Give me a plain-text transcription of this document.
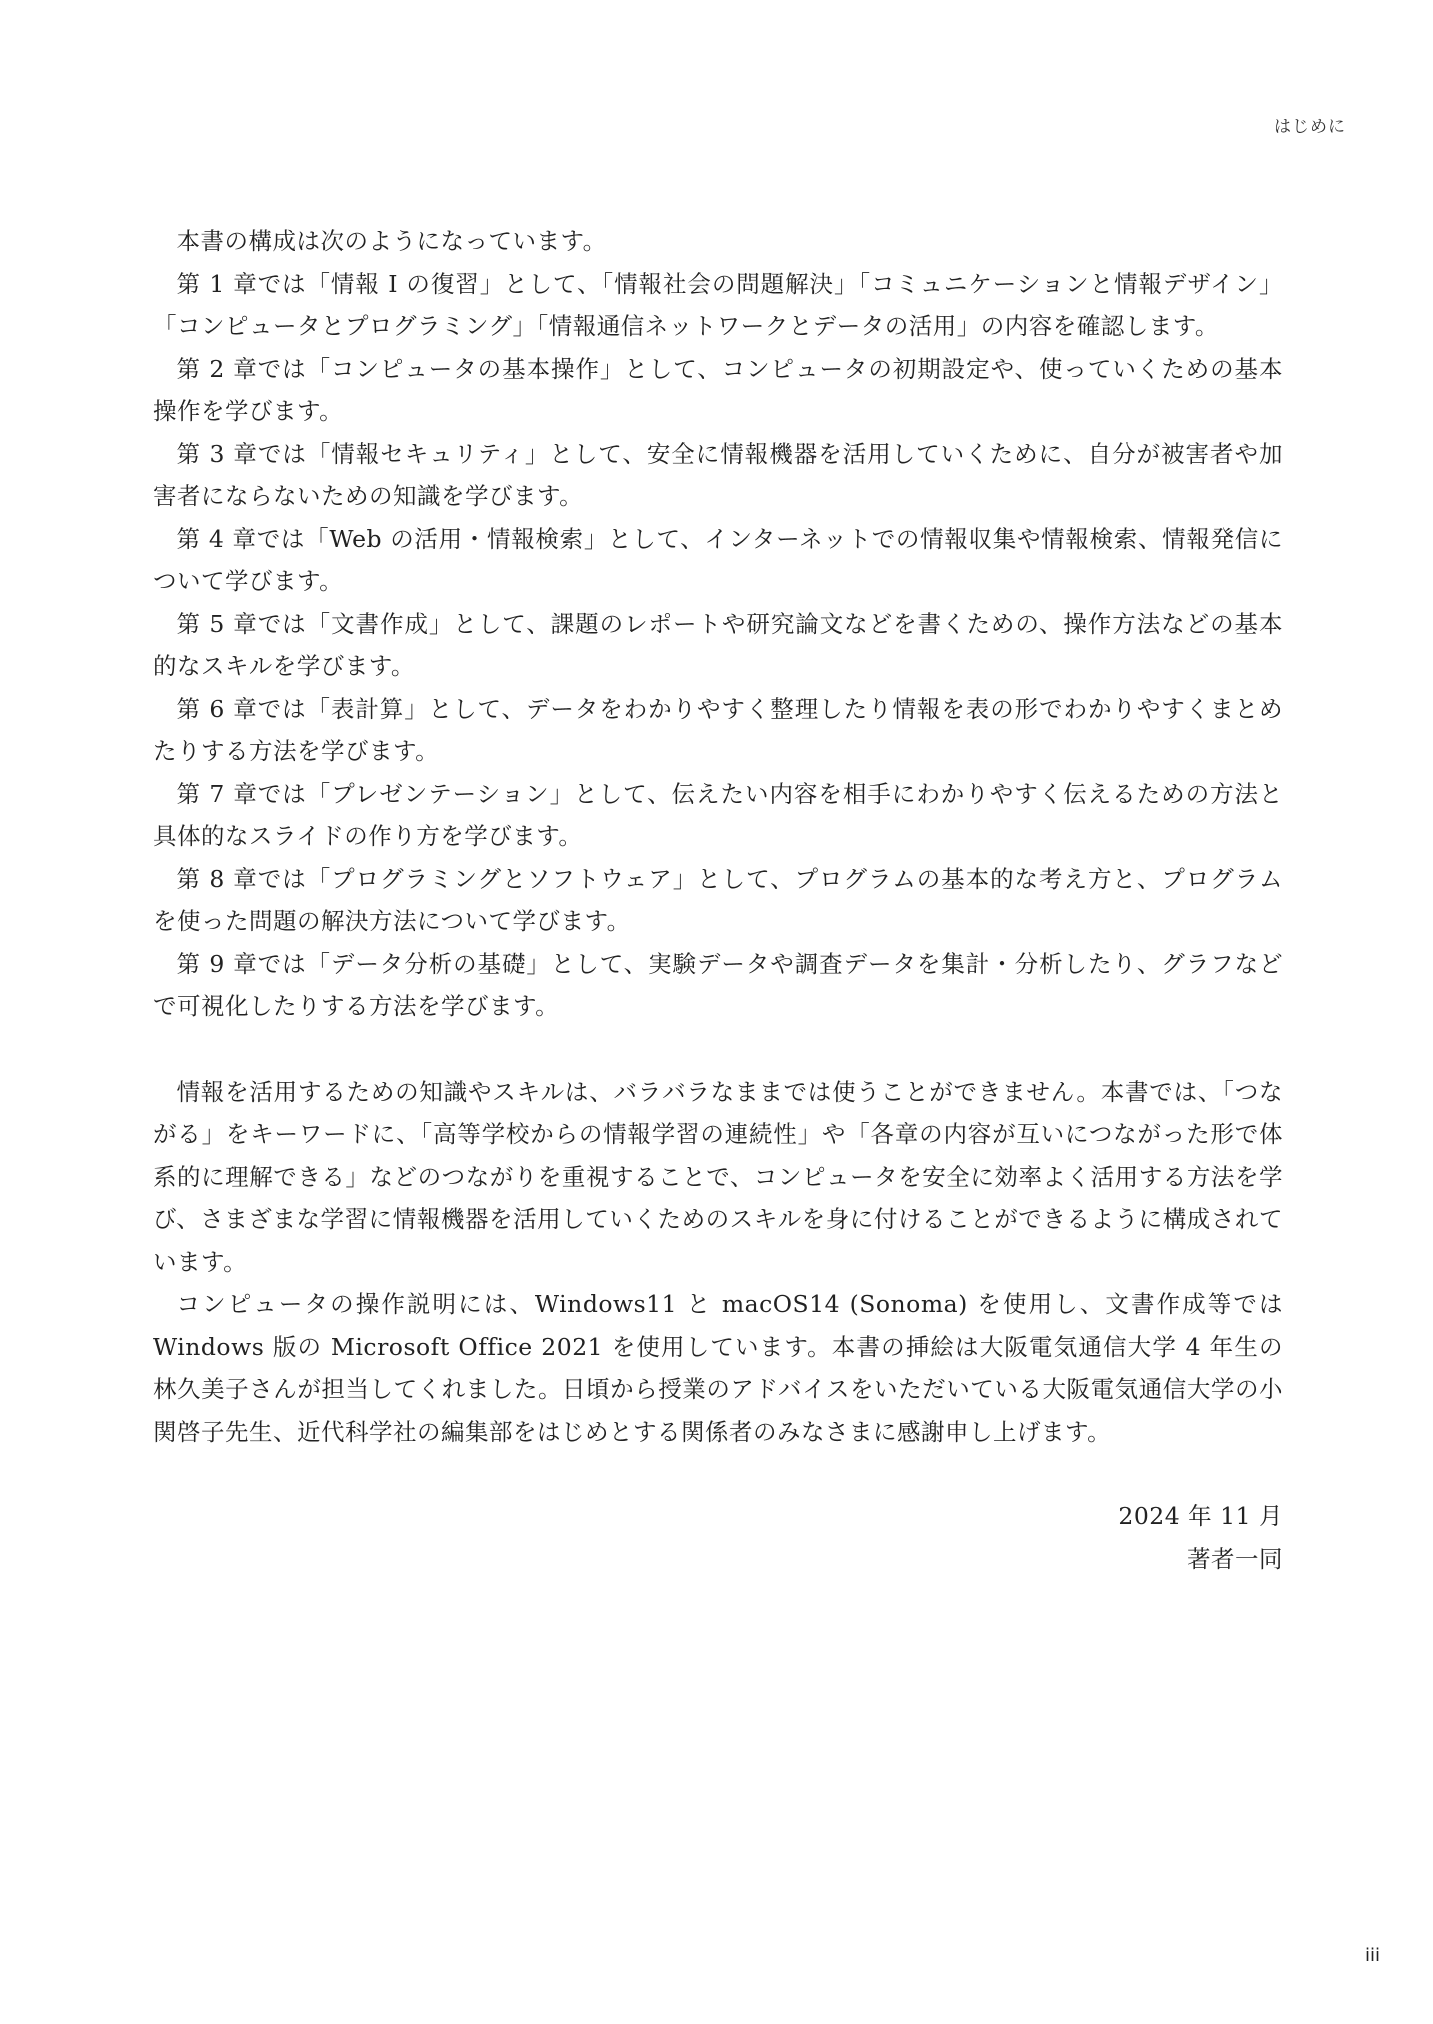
はじめに

本書の構成は次のようになっています。

第 1 章では「情報 I の復習」として、「情報社会の問題解決」「コミュニケーションと情報デザイン」「コンピュータとプログラミング」「情報通信ネットワークとデータの活用」の内容を確認します。

第 2 章では「コンピュータの基本操作」として、コンピュータの初期設定や、使っていくための基本操作を学びます。

第 3 章では「情報セキュリティ」として、安全に情報機器を活用していくために、自分が被害者や加害者にならないための知識を学びます。

第 4 章では「Web の活用・情報検索」として、インターネットでの情報収集や情報検索、情報発信について学びます。

第 5 章では「文書作成」として、課題のレポートや研究論文などを書くための、操作方法などの基本的なスキルを学びます。

第 6 章では「表計算」として、データをわかりやすく整理したり情報を表の形でわかりやすくまとめたりする方法を学びます。

第 7 章では「プレゼンテーション」として、伝えたい内容を相手にわかりやすく伝えるための方法と具体的なスライドの作り方を学びます。

第 8 章では「プログラミングとソフトウェア」として、プログラムの基本的な考え方と、プログラムを使った問題の解決方法について学びます。

第 9 章では「データ分析の基礎」として、実験データや調査データを集計・分析したり、グラフなどで可視化したりする方法を学びます。

情報を活用するための知識やスキルは、バラバラなままでは使うことができません。本書では、「つながる」をキーワードに、「高等学校からの情報学習の連続性」や「各章の内容が互いにつながった形で体系的に理解できる」などのつながりを重視することで、コンピュータを安全に効率よく活用する方法を学び、さまざまな学習に情報機器を活用していくためのスキルを身に付けることができるように構成されています。

コンピュータの操作説明には、Windows11 と macOS14 (Sonoma) を使用し、文書作成等では Windows 版の Microsoft Office 2021 を使用しています。本書の挿絵は大阪電気通信大学 4 年生の林久美子さんが担当してくれました。日頃から授業のアドバイスをいただいている大阪電気通信大学の小関啓子先生、近代科学社の編集部をはじめとする関係者のみなさまに感謝申し上げます。

2024 年 11 月
著者一同
iii
